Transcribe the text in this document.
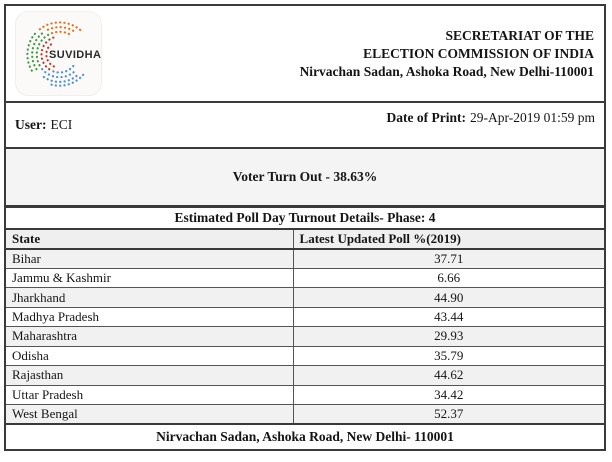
SUVIDHA
SECRETARIAT OF THE
ELECTION COMMISSION OF INDIA
Nirvachan Sadan, Ashoka Road, New Delhi-110001
User: ECI	Date of Print: 29-Apr-2019 01:59 pm
Voter Turn Out - 38.63%
Estimated Poll Day Turnout Details- Phase: 4	
State	Latest Updated Poll %(2019)
Bihar	37.71
Jammu & Kashmir	6.66
Jharkhand	44.90
Madhya Pradesh	43.44
Maharashtra	29.93
Odisha	35.79
Rajasthan	44.62
Uttar Pradesh	34.42
West Bengal	52.37
Nirvachan Sadan, Ashoka Road, New Delhi- 110001	
